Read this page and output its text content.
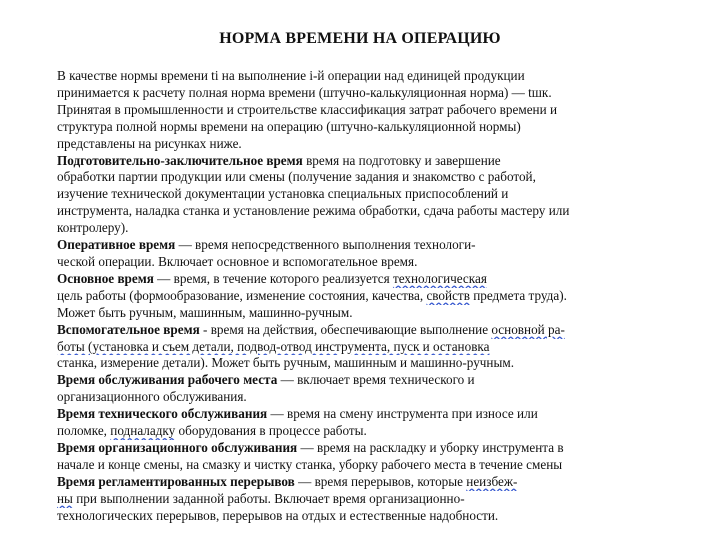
НОРМА ВРЕМЕНИ НА ОПЕРАЦИЮ
В качестве нормы времени ti на выполнение i-й операции над единицей продукции
принимается к расчету полная норма времени (штучно-калькуляционная норма) — tшк.
Принятая в промышленности и строительстве классификация затрат рабочего времени и
структура полной нормы времени на операцию (штучно-калькуляционной нормы)
представлены на рисунках ниже.
Подготовительно-заключительное время время на подготовку и завершение
обработки партии продукции или смены (получение задания и знакомство с работой,
изучение технической документации установка специальных приспособлений и
инструмента, наладка станка и установление режима обработки, сдача работы мастеру или
контролеру).
Оперативное время — время непосредственного выполнения технологи-
ческой операции. Включает основное и вспомогательное время.
Основное время — время, в течение которого реализуется технологическая
цель работы (формообразование, изменение состояния, качества, свойств предмета труда).
Может быть ручным, машинным, машинно-ручным.
Вспомогательное время - время на действия, обеспечивающие выполнение основной ра-
боты (установка и съем детали, подвод-отвод инструмента, пуск и остановка
станка, измерение детали). Может быть ручным, машинным и машинно-ручным.
Время обслуживания рабочего места — включает время технического и
организационного обслуживания.
Время технического обслуживания — время на смену инструмента при износе или
поломке, подналадку оборудования в процессе работы.
Время организационного обслуживания — время на раскладку и уборку инструмента в
начале и конце смены, на смазку и чистку станка, уборку рабочего места в течение смены
Время регламентированных перерывов — время перерывов, которые неизбеж-
ны при выполнении заданной работы. Включает время организационно-
технологических перерывов, перерывов на отдых и естественные надобности.
